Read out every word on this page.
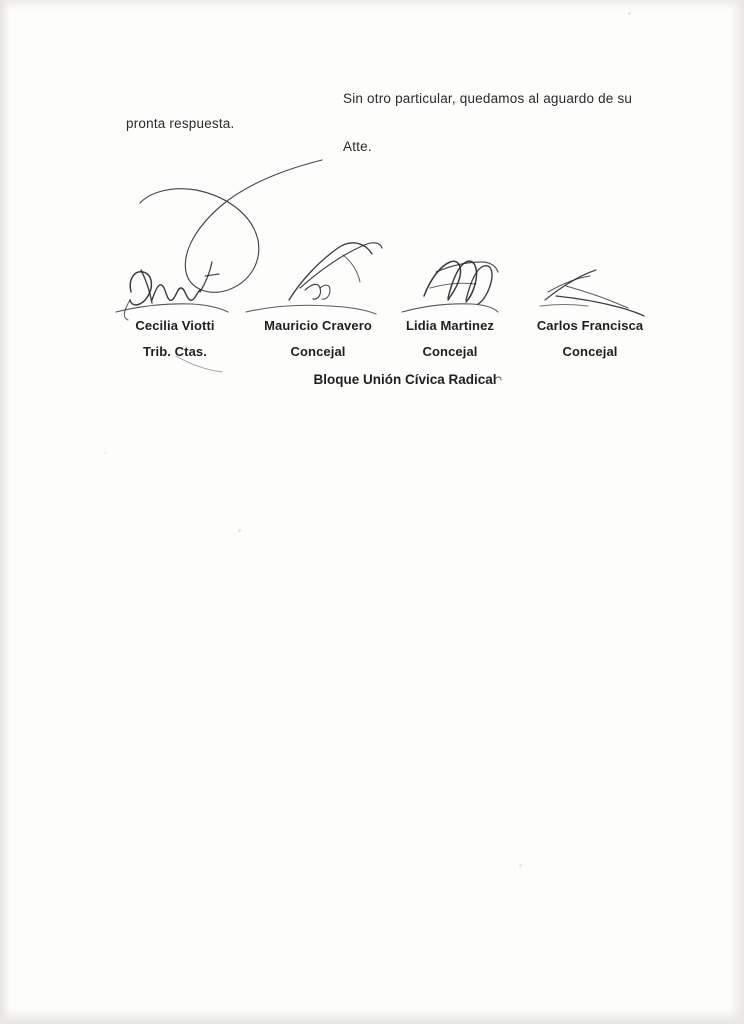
Sin otro particular, quedamos al aguardo de su
pronta respuesta.
Atte.
Cecilia Viotti
Trib. Ctas.
Mauricio Cravero
Concejal
Lidia Martinez
Concejal
Carlos Francisca
Concejal
Bloque Unión Cívica Radical
